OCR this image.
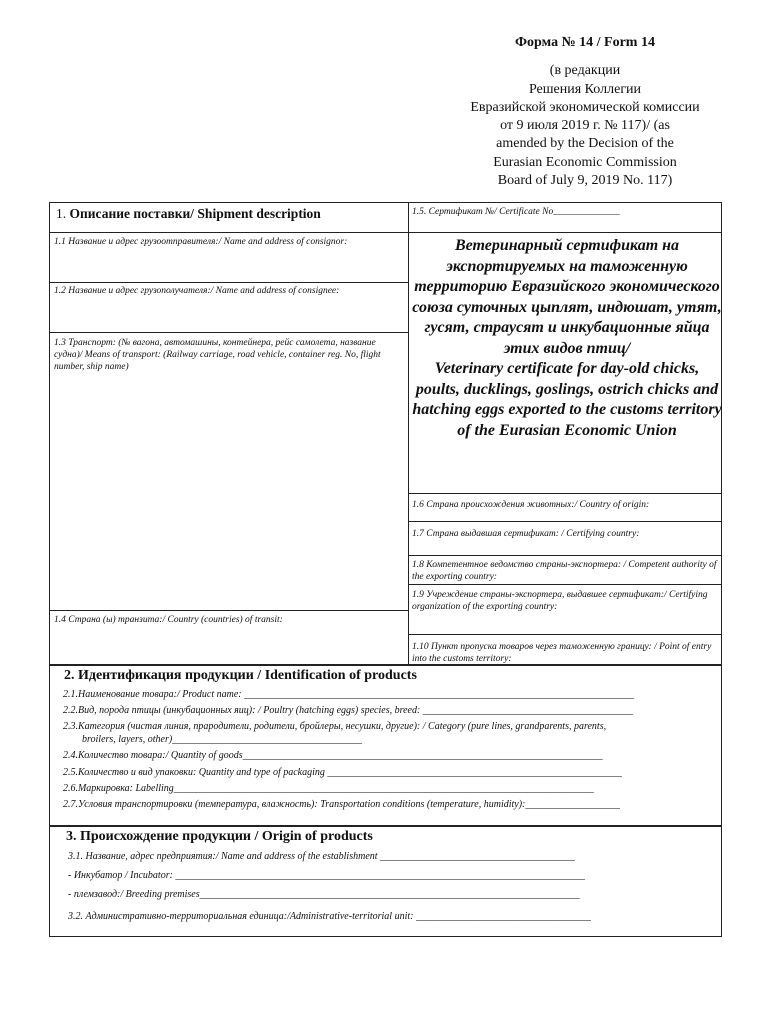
Форма № 14 / Form 14
(в редакции
Решения Коллегии
Евразийской экономической комиссии
от 9 июля 2019 г. № 117)/ (as
amended by the Decision of the
Eurasian Economic Commission
Board of July 9, 2019 No. 117)
1. Описание поставки/ Shipment description	1.5. Сертификат №/ Certificate No______________
1.1 Название и адрес грузоотправителя:/ Name and address of consignor:
1.2 Название и адрес грузополучателя:/ Name and address of consignee:
1.3 Транспорт: (№ вагона, автомашины, контейнера, рейс самолета, название судна)/ Means of transport: (Railway carriage, road vehicle, container reg. No, flight number, ship name)
1.4 Страна (ы) транзита:/ Country (countries) of transit:
Ветеринарный сертификат на экспортируемых на таможенную территорию Евразийского экономического союза суточных цыплят, индюшат, утят, гусят, страусят и инкубационные яйца этих видов птиц/
Veterinary certificate for day-old chicks, poults, ducklings, goslings, ostrich chicks and hatching eggs exported to the customs territory of the Eurasian Economic Union
1.6 Страна происхождения животных:/ Country of origin:
1.7 Страна выдавшая сертификат: / Certifying country:
1.8 Компетентное ведомство страны-экспортера: / Competent authority of the exporting country:
1.9 Учреждение страны-экспортера, выдавшее сертификат:/ Certifying organization of the exporting country:
1.10 Пункт пропуска товаров через таможенную границу: / Point of entry into the customs territory:
2. Идентификация продукции / Identification of products
2.1.Наименование товара:/ Product name: ______________________________________________________________________________
2.2.Вид, порода птицы (инкубационных яиц): / Poultry (hatching eggs) species, breed: __________________________________________
2.3.Категория (чистая линия, прародители, родители, бройлеры, несушки, другие): / Category (pure lines, grandparents, parents,
broilers, layers, other)______________________________________
2.4.Количество товара:/ Quantity of goods________________________________________________________________________
2.5.Количество и вид упаковки: Quantity and type of packaging ___________________________________________________________
2.6.Маркировка: Labelling____________________________________________________________________________________
2.7.Условия транспортировки (температура, влажность): Transportation conditions (temperature, humidity):___________________
3. Происхождение продукции / Origin of products
3.1. Название, адрес предприятия:/ Name and address of the establishment _______________________________________
- Инкубатор / Incubator: __________________________________________________________________________________
- племзавод:/ Breeding premises____________________________________________________________________________
3.2. Административно-территориальная единица:/Administrative-territorial unit: ___________________________________
